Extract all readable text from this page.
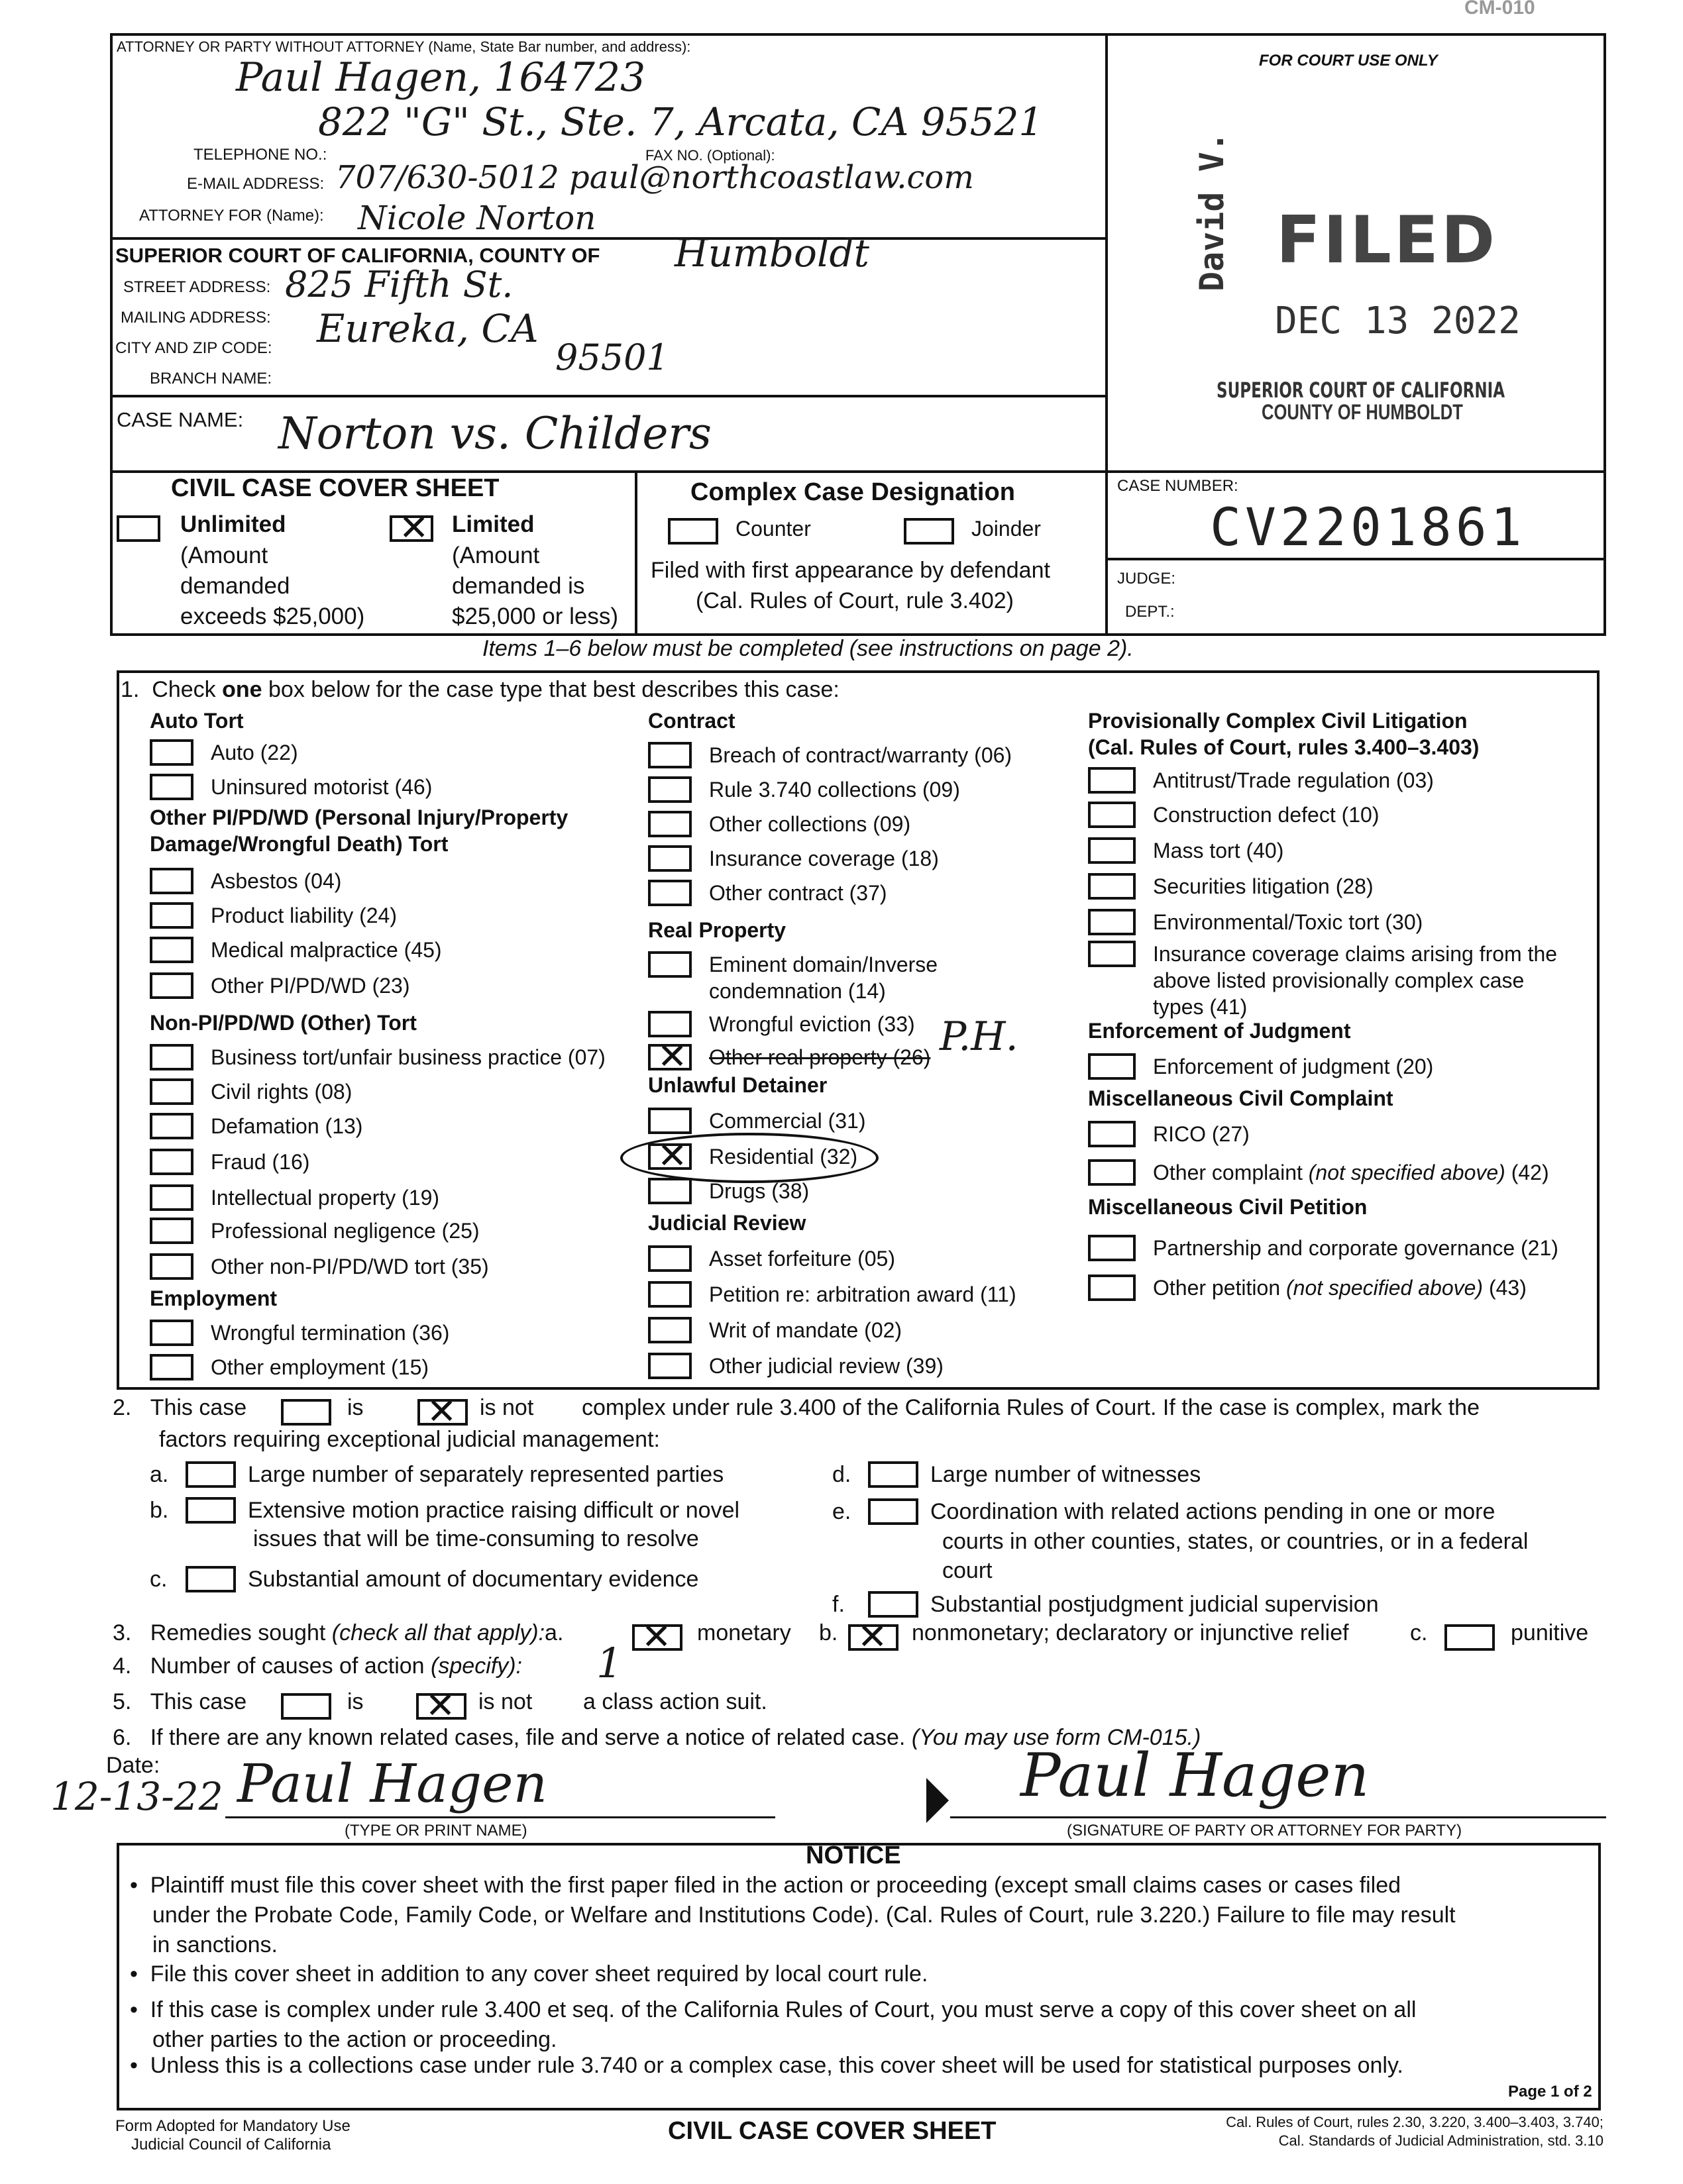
CM-010
ATTORNEY OR PARTY WITHOUT ATTORNEY (Name, State Bar number, and address):
Paul Hagen, 164723
822 "G" St., Ste. 7, Arcata, CA 95521
TELEPHONE NO.:	FAX NO. (Optional):
E-MAIL ADDRESS: 707/630-5012 paul@northcoastlaw.com
ATTORNEY FOR (Name): Nicole Norton
SUPERIOR COURT OF CALIFORNIA, COUNTY OF Humboldt
STREET ADDRESS: 825 Fifth St.
MAILING ADDRESS:
CITY AND ZIP CODE: Eureka, CA
95501
BRANCH NAME:
CASE NAME: Norton vs. Childers
FOR COURT USE ONLY
David V. FILED
DEC 13 2022
SUPERIOR COURT OF CALIFORNIA
COUNTY OF HUMBOLDT
CIVIL CASE COVER SHEET
Unlimited
(Amount
demanded
exceeds $25,000)
✕
Limited
(Amount
demanded is
$25,000 or less)
Complex Case Designation
Counter	Joinder
Filed with first appearance by defendant
(Cal. Rules of Court, rule 3.402)
CASE NUMBER:
CV2201861
JUDGE:
DEPT.:
Items 1–6 below must be completed (see instructions on page 2).
1. Check one box below for the case type that best describes this case:
Auto Tort
Auto (22)
Uninsured motorist (46)
Other PI/PD/WD (Personal Injury/Property
Damage/Wrongful Death) Tort
Asbestos (04)
Product liability (24)
Medical malpractice (45)
Other PI/PD/WD (23)
Non-PI/PD/WD (Other) Tort
Business tort/unfair business practice (07)
Civil rights (08)
Defamation (13)
Fraud (16)
Intellectual property (19)
Professional negligence (25)
Other non-PI/PD/WD tort (35)
Employment
Wrongful termination (36)
Other employment (15)
Contract
Breach of contract/warranty (06)
Rule 3.740 collections (09)
Other collections (09)
Insurance coverage (18)
Other contract (37)
Real Property
Eminent domain/Inverse
condemnation (14)
Wrongful eviction (33)
✕
Other real property (26) P.H.
Unlawful Detainer
Commercial (31)
✕
Residential (32)
Drugs (38)
Judicial Review
Asset forfeiture (05)
Petition re: arbitration award (11)
Writ of mandate (02)
Other judicial review (39)
Provisionally Complex Civil Litigation
(Cal. Rules of Court, rules 3.400–3.403)
Antitrust/Trade regulation (03)
Construction defect (10)
Mass tort (40)
Securities litigation (28)
Environmental/Toxic tort (30)
Insurance coverage claims arising from the
above listed provisionally complex case
types (41)
Enforcement of Judgment
Enforcement of judgment (20)
Miscellaneous Civil Complaint
RICO (27)
Other complaint (not specified above) (42)
Miscellaneous Civil Petition
Partnership and corporate governance (21)
Other petition (not specified above) (43)
2. This case	is ✕	is not complex under rule 3.400 of the California Rules of Court. If the case is complex, mark the
factors requiring exceptional judicial management:
a.	Large number of separately represented parties
b.	Extensive motion practice raising difficult or novel
issues that will be time-consuming to resolve
c.	Substantial amount of documentary evidence
d.	Large number of witnesses
e.	Coordination with related actions pending in one or more
courts in other counties, states, or countries, or in a federal
court
f.	Substantial postjudgment judicial supervision
3. Remedies sought (check all that apply):a. ✕	monetary b. ✕	nonmonetary; declaratory or injunctive relief	c.	punitive
4. Number of causes of action (specify): 1
5. This case	is ✕	is not a class action suit.
6. If there are any known related cases, file and serve a notice of related case. (You may use form CM-015.)
Date:
12-13-22 Paul Hagen
(TYPE OR PRINT NAME)
Paul Hagen
(SIGNATURE OF PARTY OR ATTORNEY FOR PARTY)
NOTICE
•  Plaintiff must file this cover sheet with the first paper filed in the action or proceeding (except small claims cases or cases filed
under the Probate Code, Family Code, or Welfare and Institutions Code). (Cal. Rules of Court, rule 3.220.) Failure to file may result
in sanctions.
•  File this cover sheet in addition to any cover sheet required by local court rule.
•  If this case is complex under rule 3.400 et seq. of the California Rules of Court, you must serve a copy of this cover sheet on all
other parties to the action or proceeding.
•  Unless this is a collections case under rule 3.740 or a complex case, this cover sheet will be used for statistical purposes only.
Page 1 of 2
Form Adopted for Mandatory Use
Judicial Council of California	CIVIL CASE COVER SHEET	Cal. Rules of Court, rules 2.30, 3.220, 3.400–3.403, 3.740;
Cal. Standards of Judicial Administration, std. 3.10
